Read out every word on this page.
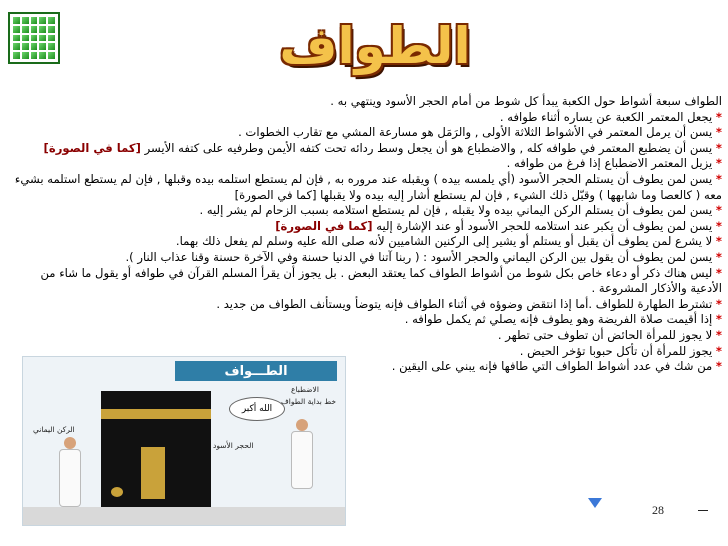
الطواف

الطواف سبعة أشواط حول الكعبة يبدأ كل شوط من أمام الحجر الأسود وينتهي به .

* يجعل المعتمر الكعبة عن يساره أثناء طوافه .

* يسن أن يرمل المعتمر في الأشواط الثلاثة الأولى , والرَمَل هو مسارعة المشي مع تقارب الخطوات .

* يسن أن يضطبع المعتمر في طوافه كله , والاضطباع هو أن يجعل وسط ردائه تحت كتفه الأيمن وطرفيه على كتفه الأيسر [كما في الصورة]

* يزيل المعتمر الاضطباع إذا فرغ من طوافه .

* يسن لمن يطوف أن يستلم الحجر الأسود (أي يلمسه بيده ) ويقبله عند مروره به , فإن لم يستطع استلمه بيده وقبلها , فإن لم يستطع استلمه بشيء معه ( كالعصا وما شابهها ) وقبّل ذلك الشيء , فإن لم يستطع أشار إليه بيده ولا يقبلها [كما في الصورة]

* يسن لمن يطوف أن يستلم الركن اليماني بيده ولا يقبله , فإن لم يستطع استلامه بسبب الزحام لم يشر إليه .

* يسن لمن يطوف أن يكبر عند استلامه للحجر الأسود أو عند الإشارة إليه [كما في الصورة]

* لا يشرع لمن يطوف أن يقبل أو يستلم أو يشير إلى الركنين الشاميين لأنه صلى الله عليه وسلم لم يفعل ذلك بهما.

* يسن لمن يطوف أن يقول بين الركن اليماني والحجر الأسود : ( ربنا آتنا في الدنيا حسنة وفي الآخرة حسنة وقنا عذاب النار ).

* ليس هناك ذكر أو دعاء خاص بكل شوط من أشواط الطواف كما يعتقد البعض . بل يجوز أن يقرأ المسلم القرآن في طوافه أو يقول ما شاء من الأدعية والأذكار المشروعة .

* تشترط الطهارة للطواف .أما إذا انتقض وضوؤه في أثناء الطواف فإنه يتوضأ ويستأنف الطواف من جديد .

* إذا أقيمت صلاة الفريضة وهو يطوف فإنه يصلي ثم يكمل طوافه .

* لا يجوز للمرأة الحائض أن تطوف حتى تطهر .

* يجوز للمرأة أن تأكل حبوبا تؤخر الحيض .

* من شك في عدد أشواط الطواف التي طافها فإنه يبني على اليقين .

الطـــواف
الركن اليماني
الحجر الأسود
الاضطباع
خط بداية الطواف
الله أكبر
28
